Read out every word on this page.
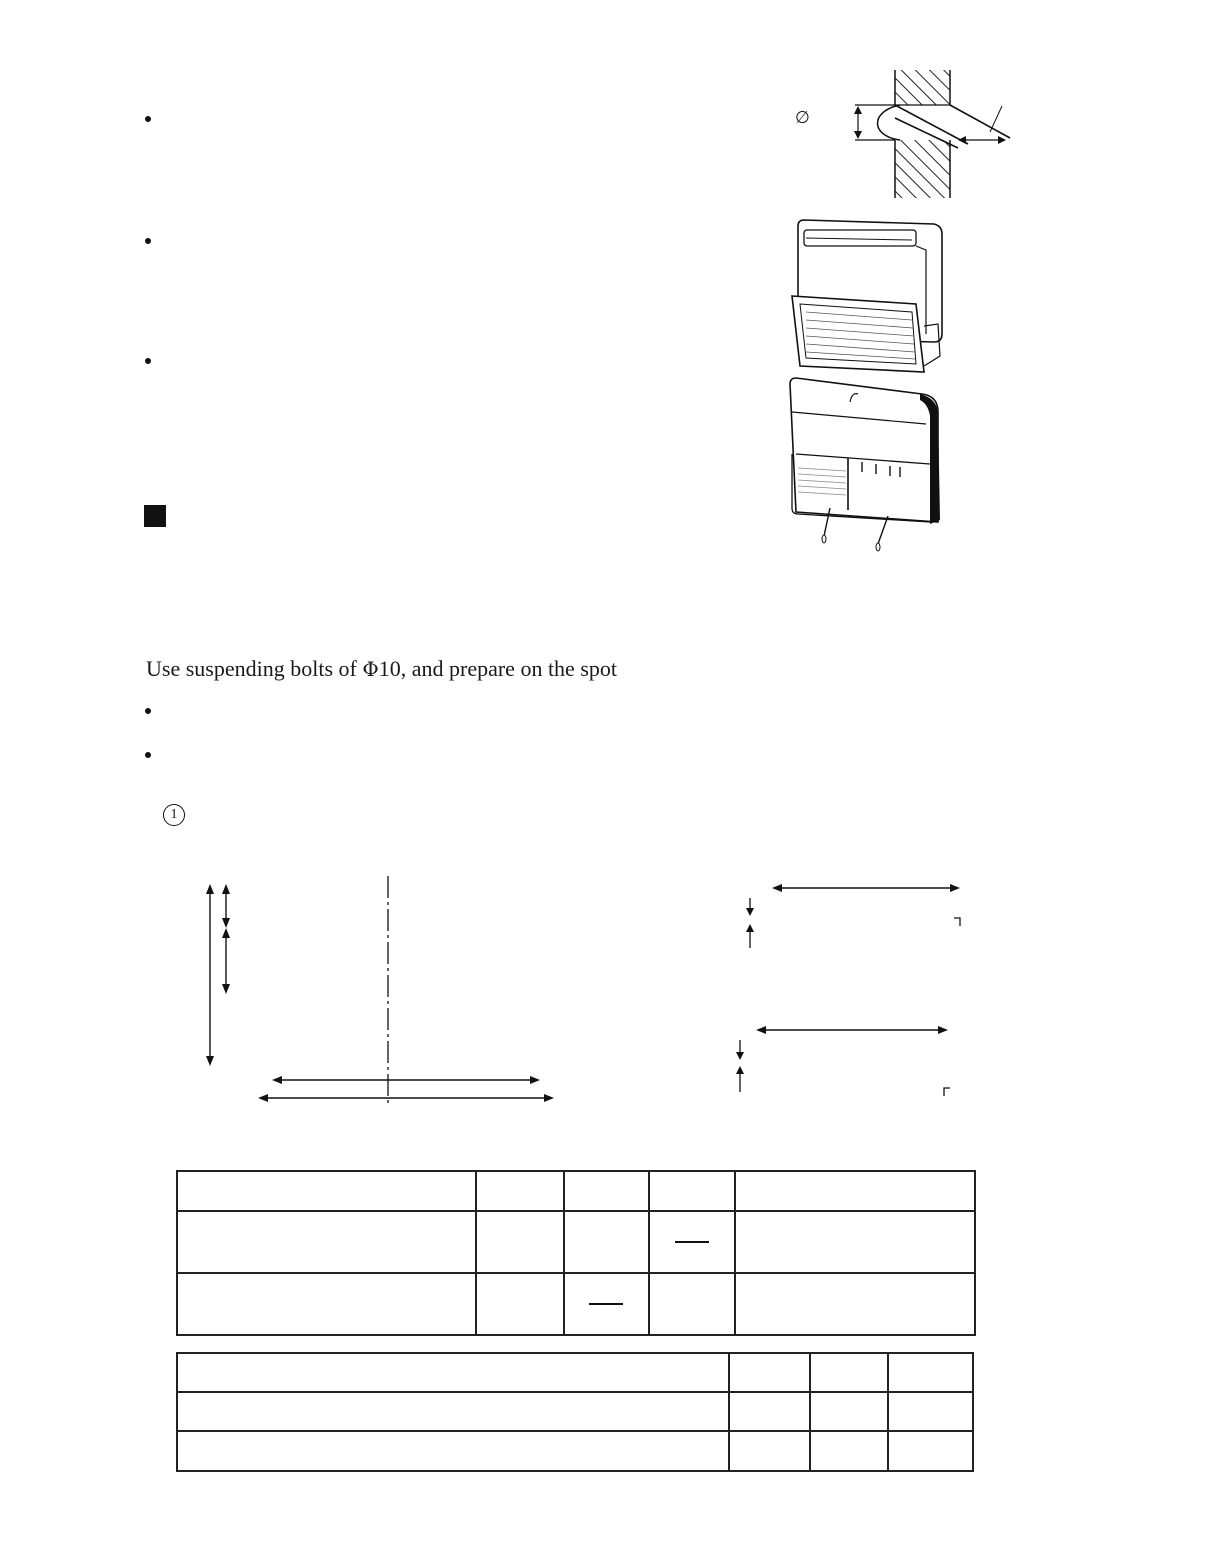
∅
Use suspending bolts of Φ10, and prepare on the spot
1
